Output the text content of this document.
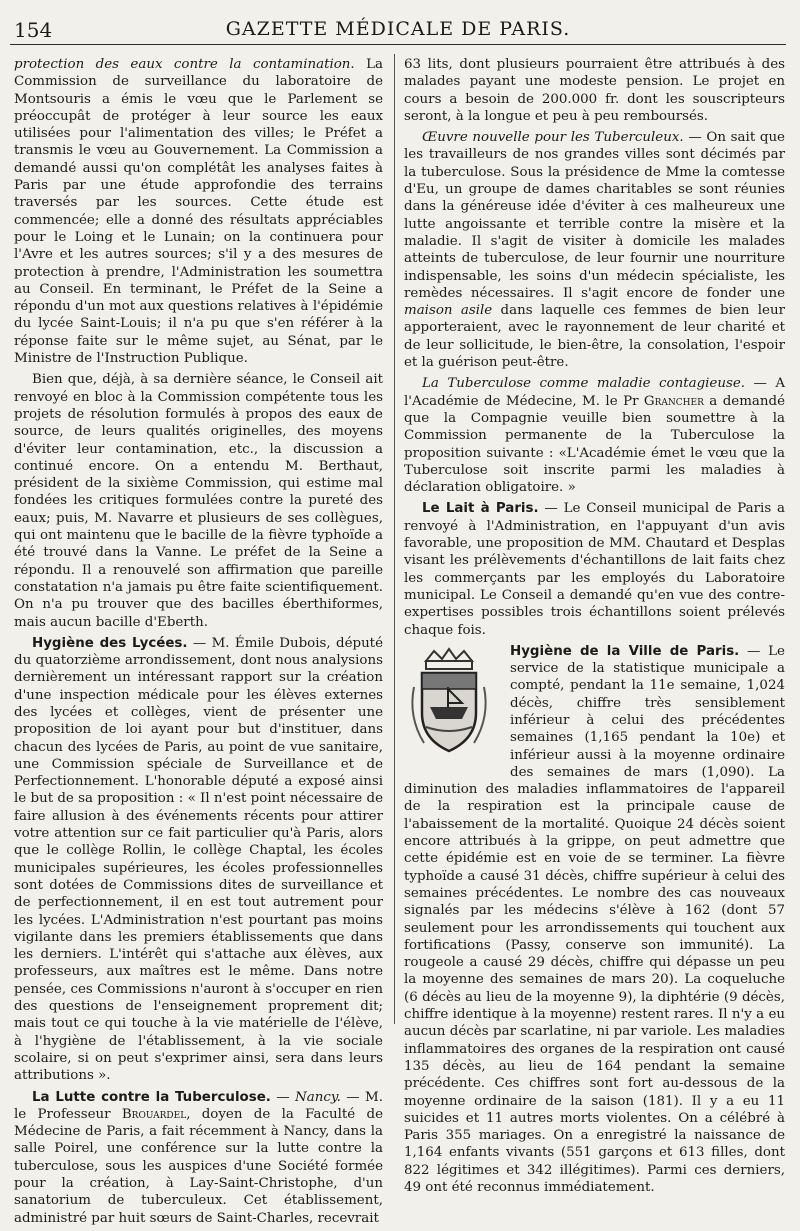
154	GAZETTE MÉDICALE DE PARIS.

protection des eaux contre la contamination. La Commission de surveillance du laboratoire de Montsouris a émis le vœu que le Parlement se préoccupât de protéger à leur source les eaux utilisées pour l'alimentation des villes; le Préfet a transmis le vœu au Gouvernement. La Commission a demandé aussi qu'on complétât les analyses faites à Paris par une étude approfondie des terrains traversés par les sources. Cette étude est commencée; elle a donné des résultats appréciables pour le Loing et le Lunain; on la continuera pour l'Avre et les autres sources; s'il y a des mesures de protection à prendre, l'Administration les soumettra au Conseil. En terminant, le Préfet de la Seine a répondu d'un mot aux questions relatives à l'épidémie du lycée Saint-Louis; il n'a pu que s'en référer à la réponse faite sur le même sujet, au Sénat, par le Ministre de l'Instruction Publique.

Bien que, déjà, à sa dernière séance, le Conseil ait renvoyé en bloc à la Commission compétente tous les projets de résolution formulés à propos des eaux de source, de leurs qualités originelles, des moyens d'éviter leur contamination, etc., la discussion a continué encore. On a entendu M. Berthaut, président de la sixième Commission, qui estime mal fondées les critiques formulées contre la pureté des eaux; puis, M. Navarre et plusieurs de ses collègues, qui ont maintenu que le bacille de la fièvre typhoïde a été trouvé dans la Vanne. Le préfet de la Seine a répondu. Il a renouvelé son affirmation que pareille constatation n'a jamais pu être faite scientifiquement. On n'a pu trouver que des bacilles éberthiformes, mais aucun bacille d'Eberth.

Hygiène des Lycées. — M. Émile Dubois, député du quatorzième arrondissement, dont nous analysions dernièrement un intéressant rapport sur la création d'une inspection médicale pour les élèves externes des lycées et collèges, vient de présenter une proposition de loi ayant pour but d'instituer, dans chacun des lycées de Paris, au point de vue sanitaire, une Commission spéciale de Surveillance et de Perfectionnement. L'honorable député a exposé ainsi le but de sa proposition : « Il n'est point nécessaire de faire allusion à des événements récents pour attirer votre attention sur ce fait particulier qu'à Paris, alors que le collège Rollin, le collège Chaptal, les écoles municipales supérieures, les écoles professionnelles sont dotées de Commissions dites de surveillance et de perfectionnement, il en est tout autrement pour les lycées. L'Administration n'est pourtant pas moins vigilante dans les premiers établissements que dans les derniers. L'intérêt qui s'attache aux élèves, aux professeurs, aux maîtres est le même. Dans notre pensée, ces Commissions n'auront à s'occuper en rien des questions de l'enseignement proprement dit; mais tout ce qui touche à la vie matérielle de l'élève, à l'hygiène de l'établissement, à la vie sociale scolaire, si on peut s'exprimer ainsi, sera dans leurs attributions ».

La Lutte contre la Tuberculose. — Nancy. — M. le Professeur Brouardel, doyen de la Faculté de Médecine de Paris, a fait récemment à Nancy, dans la salle Poirel, une conférence sur la lutte contre la tuberculose, sous les auspices d'une Société formée pour la création, à Lay-Saint-Christophe, d'un sanatorium de tuberculeux. Cet établissement, administré par huit sœurs de Saint-Charles, recevrait

63 lits, dont plusieurs pourraient être attribués à des malades payant une modeste pension. Le projet en cours a besoin de 200.000 fr. dont les souscripteurs seront, à la longue et peu à peu remboursés.

Œuvre nouvelle pour les Tuberculeux. — On sait que les travailleurs de nos grandes villes sont décimés par la tuberculose. Sous la présidence de Mme la comtesse d'Eu, un groupe de dames charitables se sont réunies dans la généreuse idée d'éviter à ces malheureux une lutte angoissante et terrible contre la misère et la maladie. Il s'agit de visiter à domicile les malades atteints de tuberculose, de leur fournir une nourriture indispensable, les soins d'un médecin spécialiste, les remèdes nécessaires. Il s'agit encore de fonder une maison asile dans laquelle ces femmes de bien leur apporteraient, avec le rayonnement de leur charité et de leur sollicitude, le bien-être, la consolation, l'espoir et la guérison peut-être.

La Tuberculose comme maladie contagieuse. — A l'Académie de Médecine, M. le Pr Grancher a demandé que la Compagnie veuille bien soumettre à la Commission permanente de la Tuberculose la proposition suivante : «L'Académie émet le vœu que la Tuberculose soit inscrite parmi les maladies à déclaration obligatoire. »

Le Lait à Paris. — Le Conseil municipal de Paris a renvoyé à l'Administration, en l'appuyant d'un avis favorable, une proposition de MM. Chautard et Desplas visant les prélèvements d'échantillons de lait faits chez les commerçants par les employés du Laboratoire municipal. Le Conseil a demandé qu'en vue des contre-expertises possibles trois échantillons soient prélevés chaque fois.

Hygiène de la Ville de Paris. — Le service de la statistique municipale a compté, pendant la 11e semaine, 1,024 décès, chiffre très sensiblement inférieur à celui des précédentes semaines (1,165 pendant la 10e) et inférieur aussi à la moyenne ordinaire des semaines de mars (1,090). La diminution des maladies inflammatoires de l'appareil de la respiration est la principale cause de l'abaissement de la mortalité. Quoique 24 décès soient encore attribués à la grippe, on peut admettre que cette épidémie est en voie de se terminer. La fièvre typhoïde a causé 31 décès, chiffre supérieur à celui des semaines précédentes. Le nombre des cas nouveaux signalés par les médecins s'élève à 162 (dont 57 seulement pour les arrondissements qui touchent aux fortifications (Passy, conserve son immunité). La rougeole a causé 29 décès, chiffre qui dépasse un peu la moyenne des semaines de mars 20). La coqueluche (6 décès au lieu de la moyenne 9), la diphtérie (9 décès, chiffre identique à la moyenne) restent rares. Il n'y a eu aucun décès par scarlatine, ni par variole. Les maladies inflammatoires des organes de la respiration ont causé 135 décès, au lieu de 164 pendant la semaine précédente. Ces chiffres sont fort au-dessous de la moyenne ordinaire de la saison (181). Il y a eu 11 suicides et 11 autres morts violentes. On a célébré à Paris 355 mariages. On a enregistré la naissance de 1,164 enfants vivants (551 garçons et 613 filles, dont 822 légitimes et 342 illégitimes). Parmi ces derniers, 49 ont été reconnus immédiatement.
